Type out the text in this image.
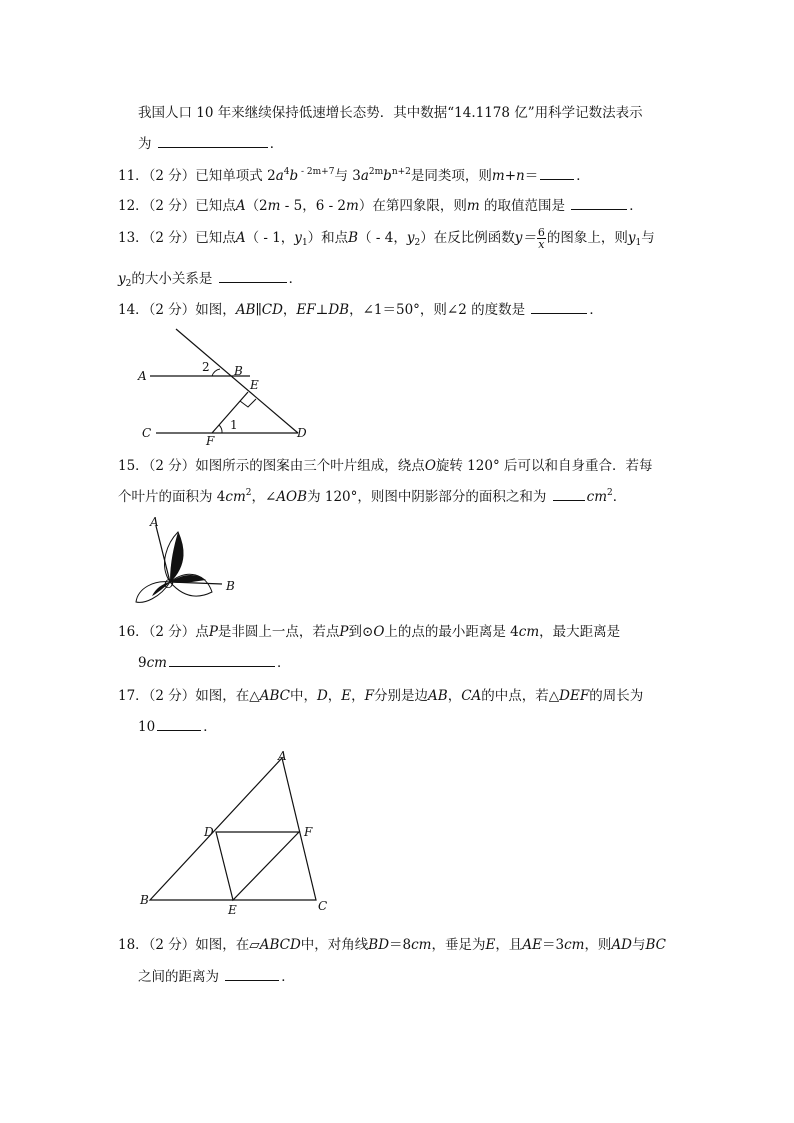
我国人口 10 年来继续保持低速增长态势．其中数据“14.1178 亿”用科学记数法表示
为	．
11．（2 分）已知单项式 $2a^4b$ $^{- 2m+7}$与 $3a^{2m}b^{n+2}$是同类项，则m+n＝	．
12．（2 分）已知点A（2m - 5，6 - 2m）在第四象限，则m 的取值范围是	．
13．（2 分）已知点A（ - 1，$y_1$）和点B（ - 4，$y_2$）在反比例函数$y= \frac{6}{x}$ 的图象上，则$y_1$与
$y_2$的大小关系是	．
14．（2 分）如图，AB∥CD，EF⊥DB，∠1＝50°，则∠2 的度数是	．
A	B
C	D
E
F
1
2
15．（2 分）如图所示的图案由三个叶片组成，绕点O旋转 120° 后可以和自身重合．若每
个叶片的面积为 $4cm^2$，∠AOB为 120°，则图中阴影部分的面积之和为	$cm^2$．
A
O	B
16．（2 分）点P是非圆上一点，若点P到⊙O上的点的最小距离是 4cm，最大距离是
9cm	．
17．（2 分）如图，在△ABC中，D，E，F分别是边AB，CA的中点，若△DEF的周长为
10	．
A
B	C
D
E
F
18．（2 分）如图，在▱ABCD中，对角线BD＝8cm，垂足为E，且AE＝3cm，则AD与BC
之间的距离为	．
